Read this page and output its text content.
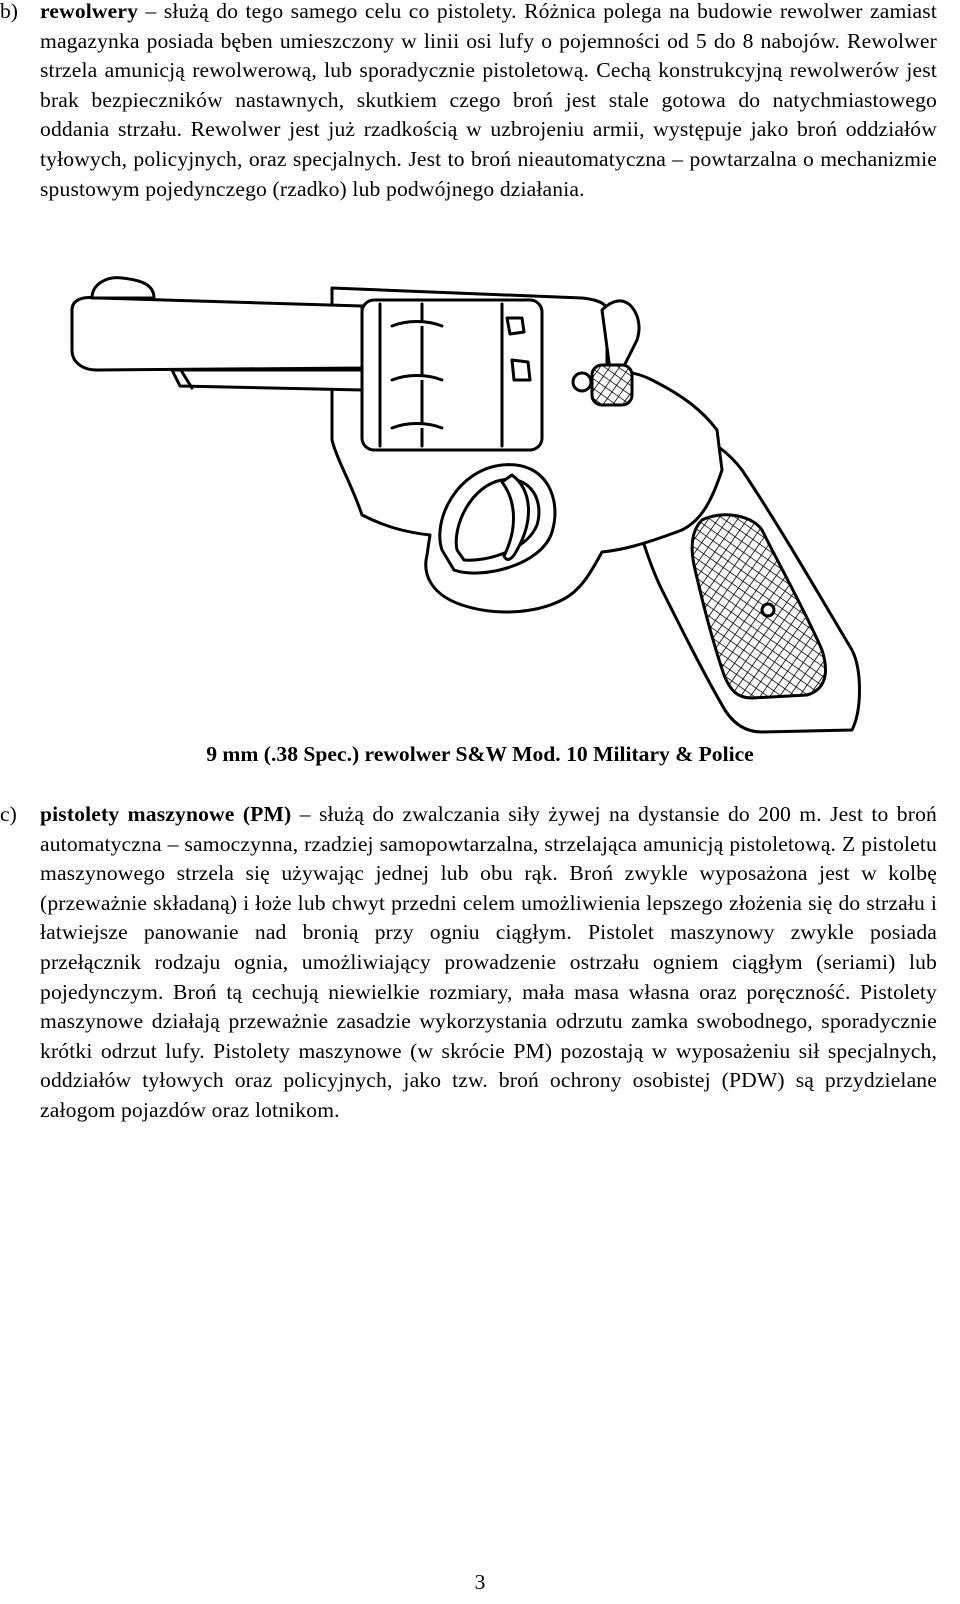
b) rewolwery – służą do tego samego celu co pistolety. Różnica polega na budowie rewolwer zamiast magazynka posiada bęben umieszczony w linii osi lufy o pojemności od 5 do 8 nabojów. Rewolwer strzela amunicją rewolwerową, lub sporadycznie pistoletową. Cechą konstrukcyjną rewolwerów jest brak bezpieczników nastawnych, skutkiem czego broń jest stale gotowa do natychmiastowego oddania strzału. Rewolwer jest już rzadkością w uzbrojeniu armii, występuje jako broń oddziałów tyłowych, policyjnych, oraz specjalnych. Jest to broń nieautomatyczna – powtarzalna o mechanizmie spustowym pojedynczego (rzadko) lub podwójnego działania.
9 mm (.38 Spec.) rewolwer S&W Mod. 10 Military & Police
c) pistolety maszynowe (PM) – służą do zwalczania siły żywej na dystansie do 200 m. Jest to broń automatyczna – samoczynna, rzadziej samopowtarzalna, strzelająca amunicją pistoletową. Z pistoletu maszynowego strzela się używając jednej lub obu rąk. Broń zwykle wyposażona jest w kolbę (przeważnie składaną) i łoże lub chwyt przedni celem umożliwienia lepszego złożenia się do strzału i łatwiejsze panowanie nad bronią przy ogniu ciągłym. Pistolet maszynowy zwykle posiada przełącznik rodzaju ognia, umożliwiający prowadzenie ostrzału ogniem ciągłym (seriami) lub pojedynczym. Broń tą cechują niewielkie rozmiary, mała masa własna oraz poręczność. Pistolety maszynowe działają przeważnie zasadzie wykorzystania odrzutu zamka swobodnego, sporadycznie krótki odrzut lufy. Pistolety maszynowe (w skrócie PM) pozostają w wyposażeniu sił specjalnych, oddziałów tyłowych oraz policyjnych, jako tzw. broń ochrony osobistej (PDW) są przydzielane załogom pojazdów oraz lotnikom.
3
